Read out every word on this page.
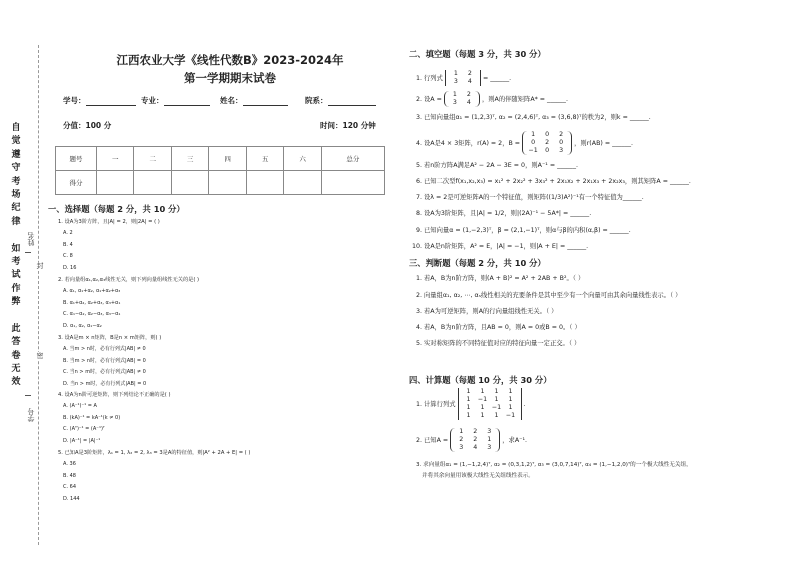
自
觉
遵
守
考
场
纪
律
如
考
试
作
弊
此
答
卷
无
效
封
密
姓名
学号
江西农业大学《线性代数B》2023-2024年
第一学期期末试卷
学号：	专业：	姓名：	院系：
分值：100 分	时间：120 分钟
题号	一	二	三	四	五	六	总分
得分							
一、选择题（每题 2 分，共 10 分）
1. 设A为3阶方阵，且|A| = 2，则|2A| = ( )
A. 2
B. 4
C. 8
D. 16
2. 若向量组α₁,α₂,α₃线性无关，则下列向量组线性无关的是( )
A. α₁, α₁+α₂, α₁+α₂+α₃
B. α₁+α₂, α₂+α₃, α₃+α₁
C. α₁−α₂, α₂−α₃, α₃−α₁
D. α₁, α₂, α₁−α₂
3. 设A是m × n矩阵，B是n × m矩阵，则( )
A. 当m > n时，必有行列式|AB| ≠ 0
B. 当m > n时，必有行列式|AB| = 0
C. 当n > m时，必有行列式|AB| ≠ 0
D. 当n > m时，必有行列式|AB| = 0
4. 设A为n阶可逆矩阵，则下列结论不正确的是( )
A. (A⁻¹)⁻¹ = A
B. (kA)⁻¹ = kA⁻¹(k ≠ 0)
C. (Aᵀ)⁻¹ = (A⁻¹)ᵀ
D. |A⁻¹| = |A|⁻¹
5. 已知A是3阶矩阵，λ₁ = 1, λ₂ = 2, λ₃ = 3是A的特征值，则|A² + 2A + E| = ( )
A. 36
B. 48
C. 64
D. 144
二、填空题（每题 3 分，共 30 分）
1. 行列式
1 2
3 4	= ______.
2. 设A =
1 2
3 4	，则A的伴随矩阵A* = ______.
3. 已知向量组α₁ = (1,2,3)ᵀ, α₂ = (2,4,6)ᵀ, α₃ = (3,6,8)ᵀ的秩为2，则k = ______.
4. 设A是4 × 3矩阵，r(A) = 2，B =
1 0 2
0 2 0
−1 0 3
，则r(AB) = ______.
5. 若n阶方阵A满足A² − 2A − 3E = 0，则A⁻¹ = ______.
6. 已知二次型f(x₁,x₂,x₃) = x₁² + 2x₂² + 3x₃² + 2x₁x₂ + 2x₁x₃ + 2x₂x₃，则其矩阵A = ______.
7. 设λ = 2是可逆矩阵A的一个特征值，则矩阵((1/3)A²)⁻¹有一个特征值为______.
8. 设A为3阶矩阵，且|A| = 1/2，则|(2A)⁻¹ − 5A*| = ______.
9. 已知向量α = (1,−2,3)ᵀ，β = (2,1,−1)ᵀ，则α与β的内积(α,β) = ______.
10. 设A是n阶矩阵，A² = E，|A| = −1，则|A + E| = ______.
三、判断题（每题 2 分，共 10 分）
1. 若A，B为n阶方阵，则(A + B)² = A² + 2AB + B²。（ ）
2. 向量组α₁, α₂, ⋯, αₛ线性相关的充要条件是其中至少有一个向量可由其余向量线性表示。（ ）
3. 若A为可逆矩阵，则A的行向量组线性无关。（ ）
4. 若A，B为n阶方阵，且AB = 0，则A = 0或B = 0。（ ）
5. 实对称矩阵的不同特征值对应的特征向量一定正交。（ ）
四、计算题（每题 10 分，共 30 分）
1. 计算行列式
1 1 1 1
1 −1 1 1
1 1 −1 1
1 1 1 −1
.
2. 已知A =
1 2 3
2 2 1
3 4 3
，求A⁻¹.
3. 求向量组α₁ = (1,−1,2,4)ᵀ, α₂ = (0,3,1,2)ᵀ, α₃ = (3,0,7,14)ᵀ, α₄ = (1,−1,2,0)ᵀ的一个极大线性无关组，
并将其余向量用该极大线性无关组线性表示。
